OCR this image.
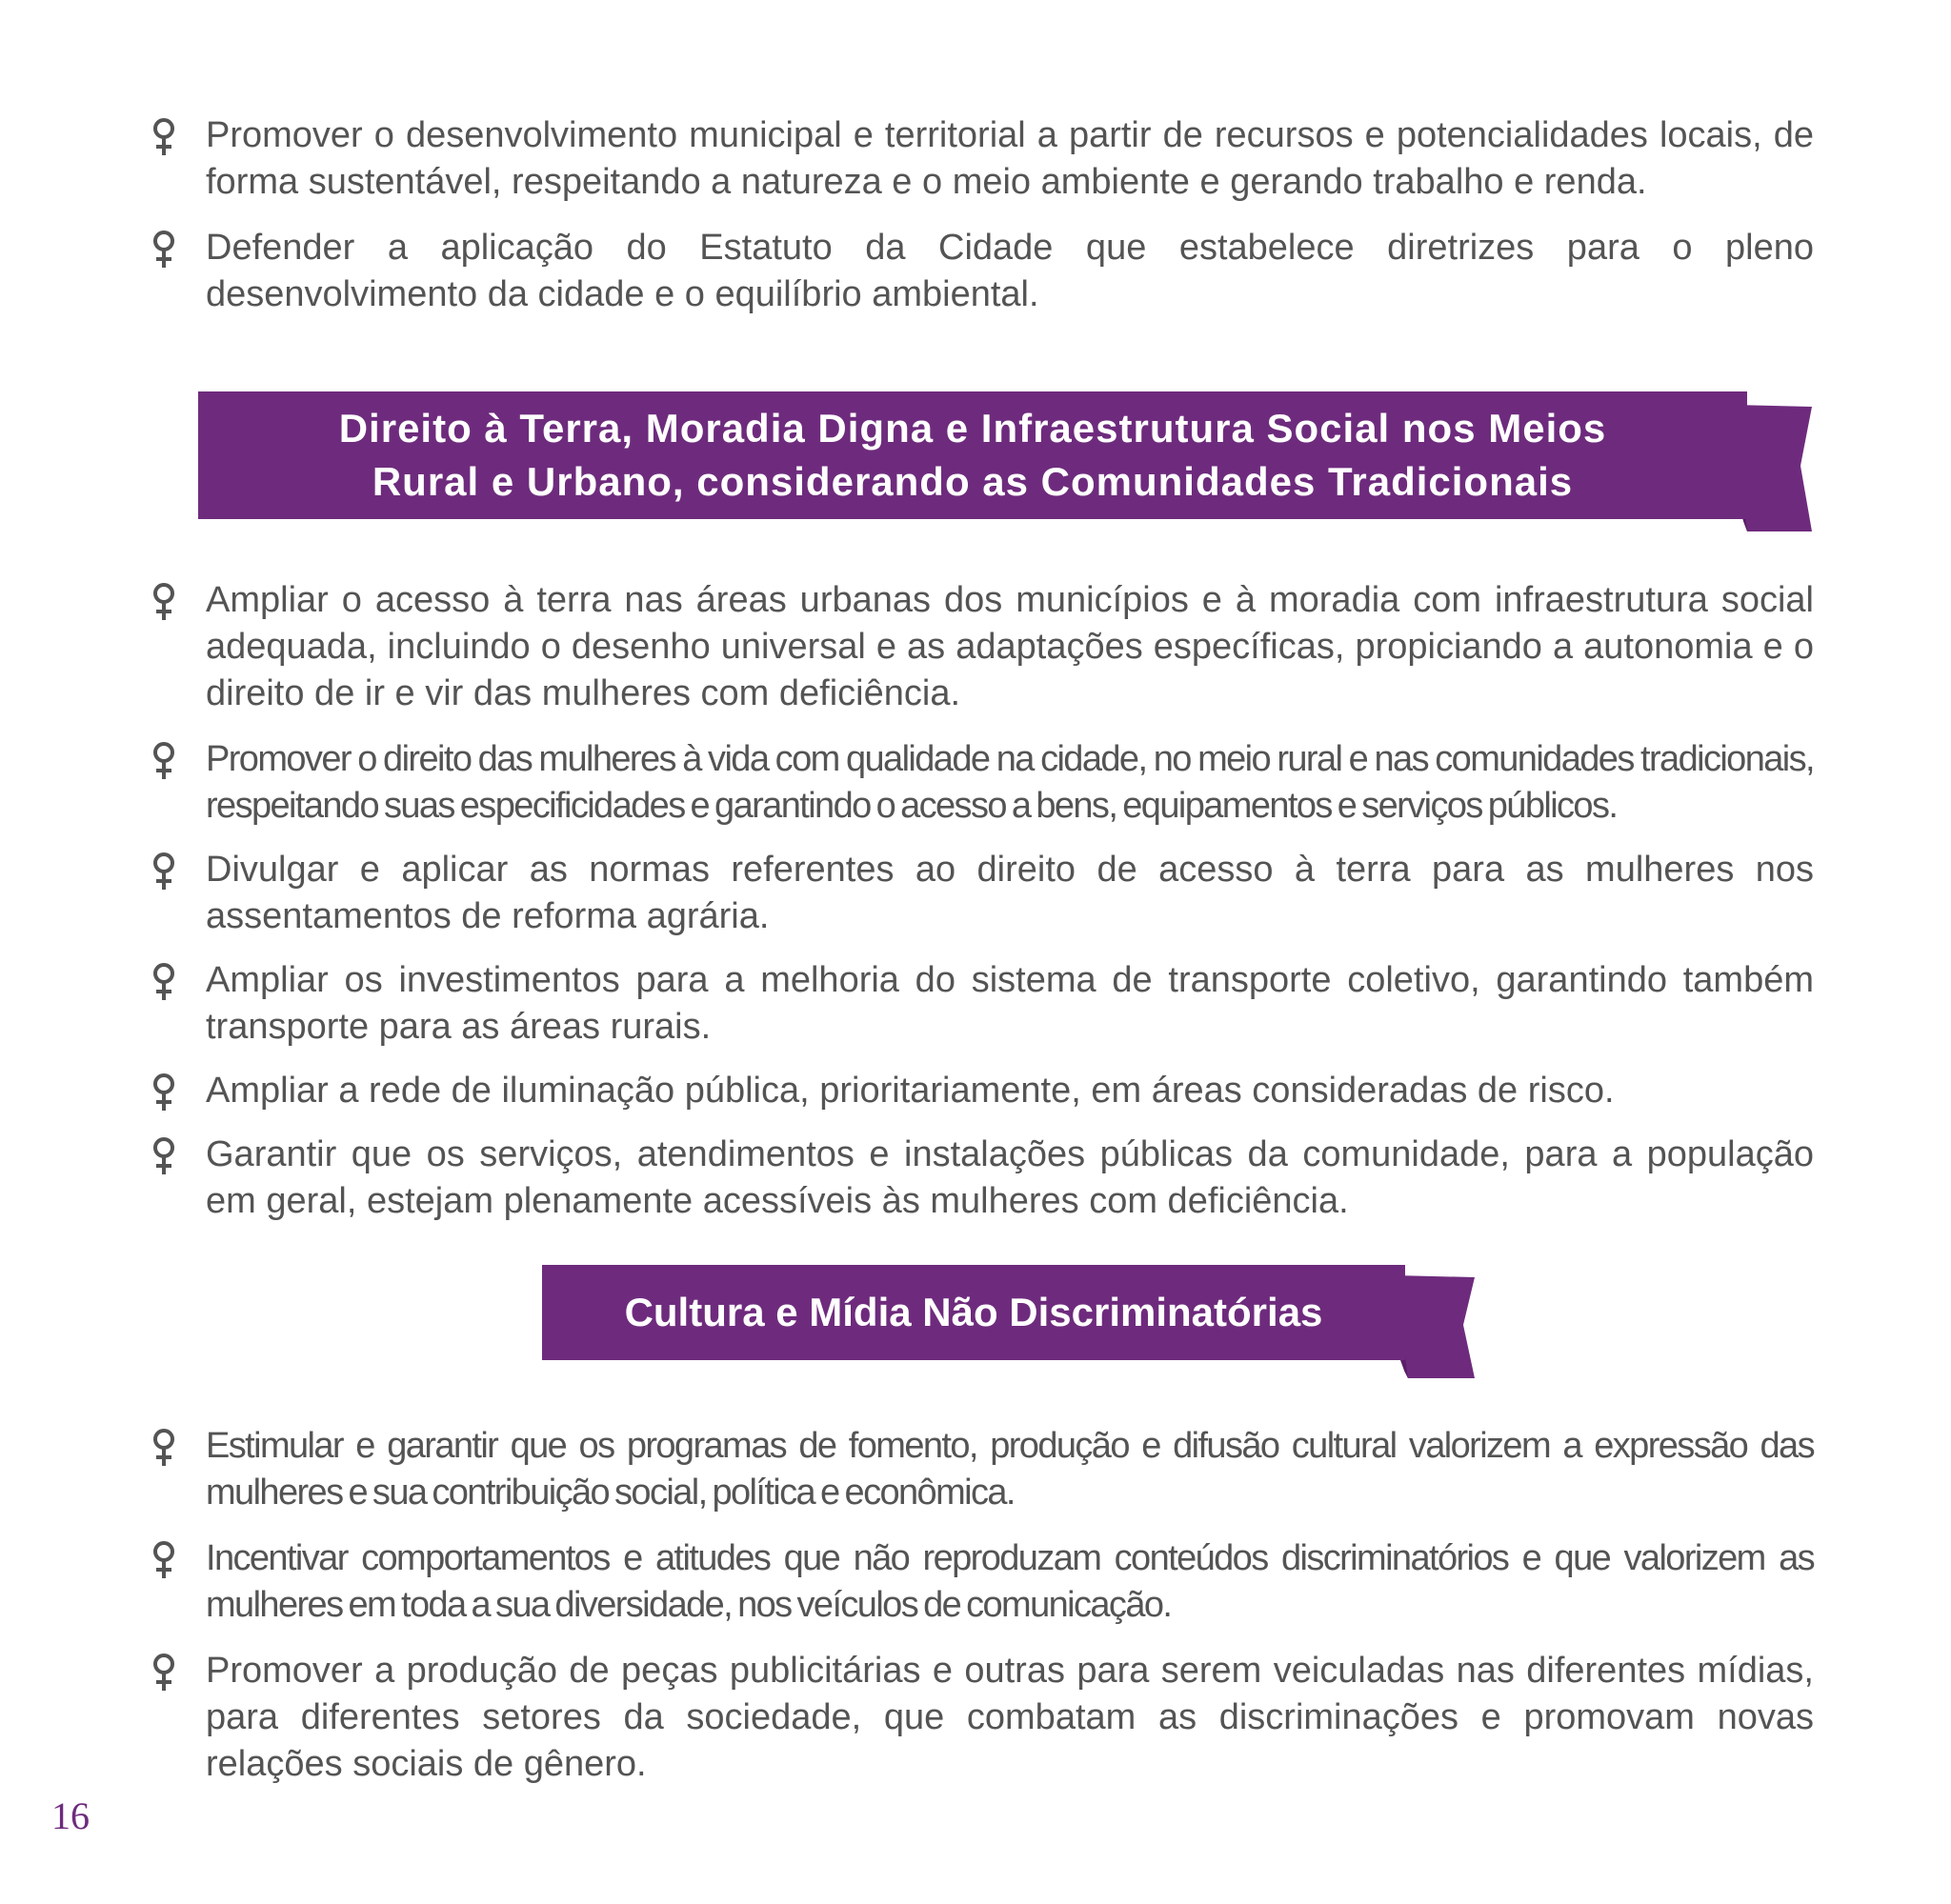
Promover o desenvolvimento municipal e territorial a partir de recursos e potencialidades locais, de forma sustentável, respeitando a natureza e o meio ambiente e gerando trabalho e renda.
Defender a aplicação do Estatuto da Cidade que estabelece diretrizes para o pleno desenvolvimento da cidade e o equilíbrio ambiental.
Direito à Terra, Moradia Digna e Infraestrutura Social nos Meios
Rural e Urbano, considerando as Comunidades Tradicionais
Ampliar o acesso à terra nas áreas urbanas dos municípios e à moradia com infraestrutura social adequada, incluindo o desenho universal e as adaptações específicas, propiciando a autonomia e o direito de ir e vir das mulheres com deficiência.
Promover o direito das mulheres à vida com qualidade na cidade, no meio rural e nas comunidades tradicionais, respeitando suas especificidades e garantindo o acesso a bens, equipamentos e serviços públicos.
Divulgar e aplicar as normas referentes ao direito de acesso à terra para as mulheres nos assentamentos de reforma agrária.
Ampliar os investimentos para a melhoria do sistema de transporte coletivo, garantindo também transporte para as áreas rurais.
Ampliar a rede de iluminação pública, prioritariamente, em áreas consideradas de risco.
Garantir que os serviços, atendimentos e instalações públicas da comunidade, para a população em geral, estejam plenamente acessíveis às mulheres com deficiência.
Cultura e Mídia Não Discriminatórias
Estimular e garantir que os programas de fomento, produção e difusão cultural valorizem a expressão das mulheres e sua contribuição social, política e econômica.
Incentivar comportamentos e atitudes que não reproduzam conteúdos discriminatórios e que valorizem as mulheres em toda a sua diversidade, nos veículos de comunicação.
Promover a produção de peças publicitárias e outras para serem veiculadas nas diferentes mídias, para diferentes setores da sociedade, que combatam as discriminações e promovam novas relações sociais de gênero.
16
